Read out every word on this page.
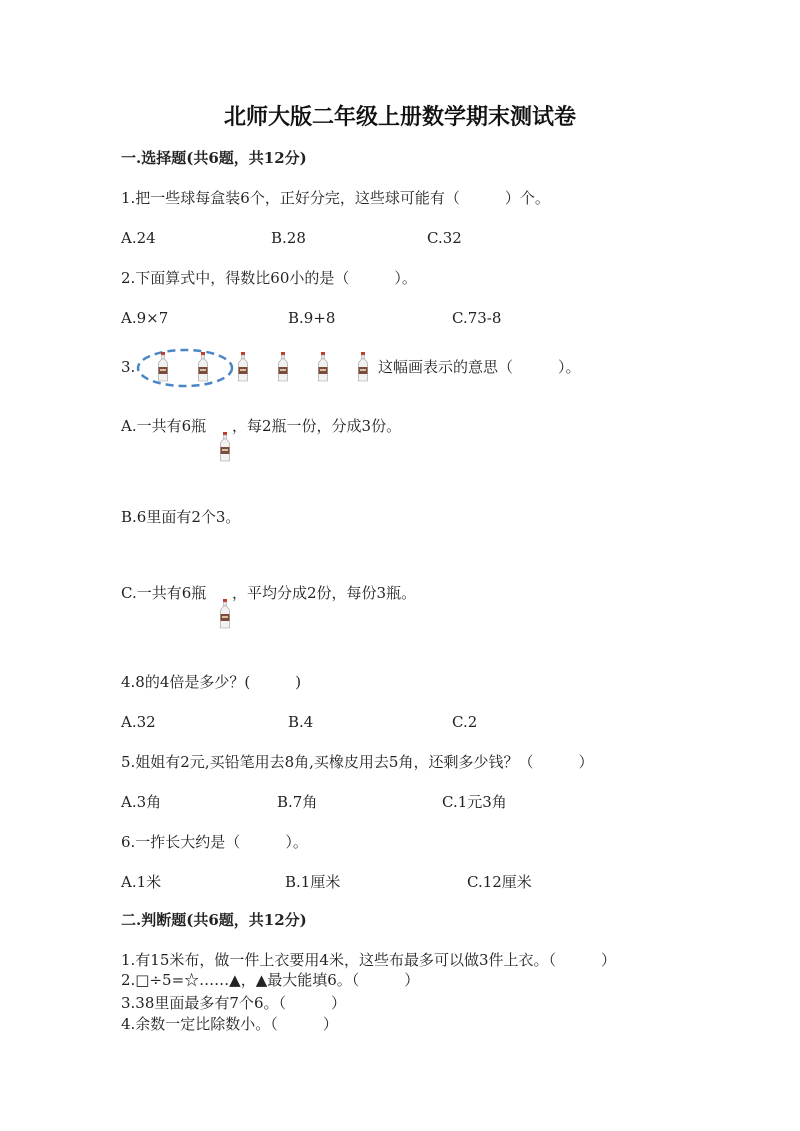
北师大版二年级上册数学期末测试卷
一.选择题(共6题，共12分)
1.把一些球每盒装6个，正好分完，这些球可能有（　　　）个。
A.24	B.28	C.32
2.下面算式中，得数比60小的是（　　　）。
A.9×7	B.9+8	C.73-8
3.	这幅画表示的意思（　　　）。
A.一共有6瓶 ，每2瓶一份，分成3份。
B.6里面有2个3。
C.一共有6瓶 ，平均分成2份，每份3瓶。
4.8的4倍是多少？(　　　)
A.32	B.4	C.2
5.姐姐有2元,买铅笔用去8角,买橡皮用去5角，还剩多少钱？（　　　）
A.3角	B.7角	C.1元3角
6.一拃长大约是（　　　）。
A.1米	B.1厘米	C.12厘米
二.判断题(共6题，共12分)
1.有15米布，做一件上衣要用4米，这些布最多可以做3件上衣。（　　　）
2.□÷5=☆……▲，▲最大能填6。（　　　）
3.38里面最多有7个6。（　　　）
4.余数一定比除数小。（　　　）
